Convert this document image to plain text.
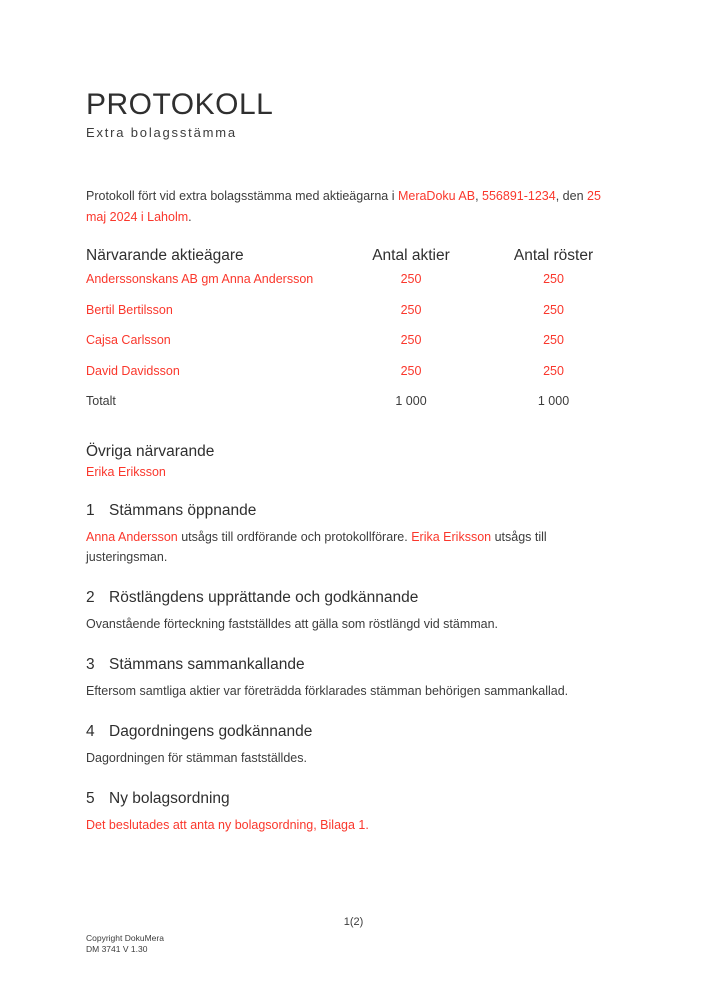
PROTOKOLL
Extra bolagsstämma

Protokoll fört vid extra bolagsstämma med aktieägarna i MeraDoku AB, 556891-1234, den 25 maj 2024 i Laholm.

Närvarande aktieägare	Antal aktier	Antal röster
Anderssonskans AB gm Anna Andersson	250	250
Bertil Bertilsson	250	250
Cajsa Carlsson	250	250
David Davidsson	250	250
Totalt	1 000	1 000
Övriga närvarande
Erika Eriksson
1 Stämmans öppnande

Anna Andersson utsågs till ordförande och protokollförare. Erika Eriksson utsågs till justeringsman.

2 Röstlängdens upprättande och godkännande

Ovanstående förteckning fastställdes att gälla som röstlängd vid stämman.

3 Stämmans sammankallande

Eftersom samtliga aktier var företrädda förklarades stämman behörigen sammankallad.

4 Dagordningens godkännande

Dagordningen för stämman fastställdes.

5 Ny bolagsordning

Det beslutades att anta ny bolagsordning, Bilaga 1.

1(2)
Copyright DokuMera
DM 3741 V 1.30
